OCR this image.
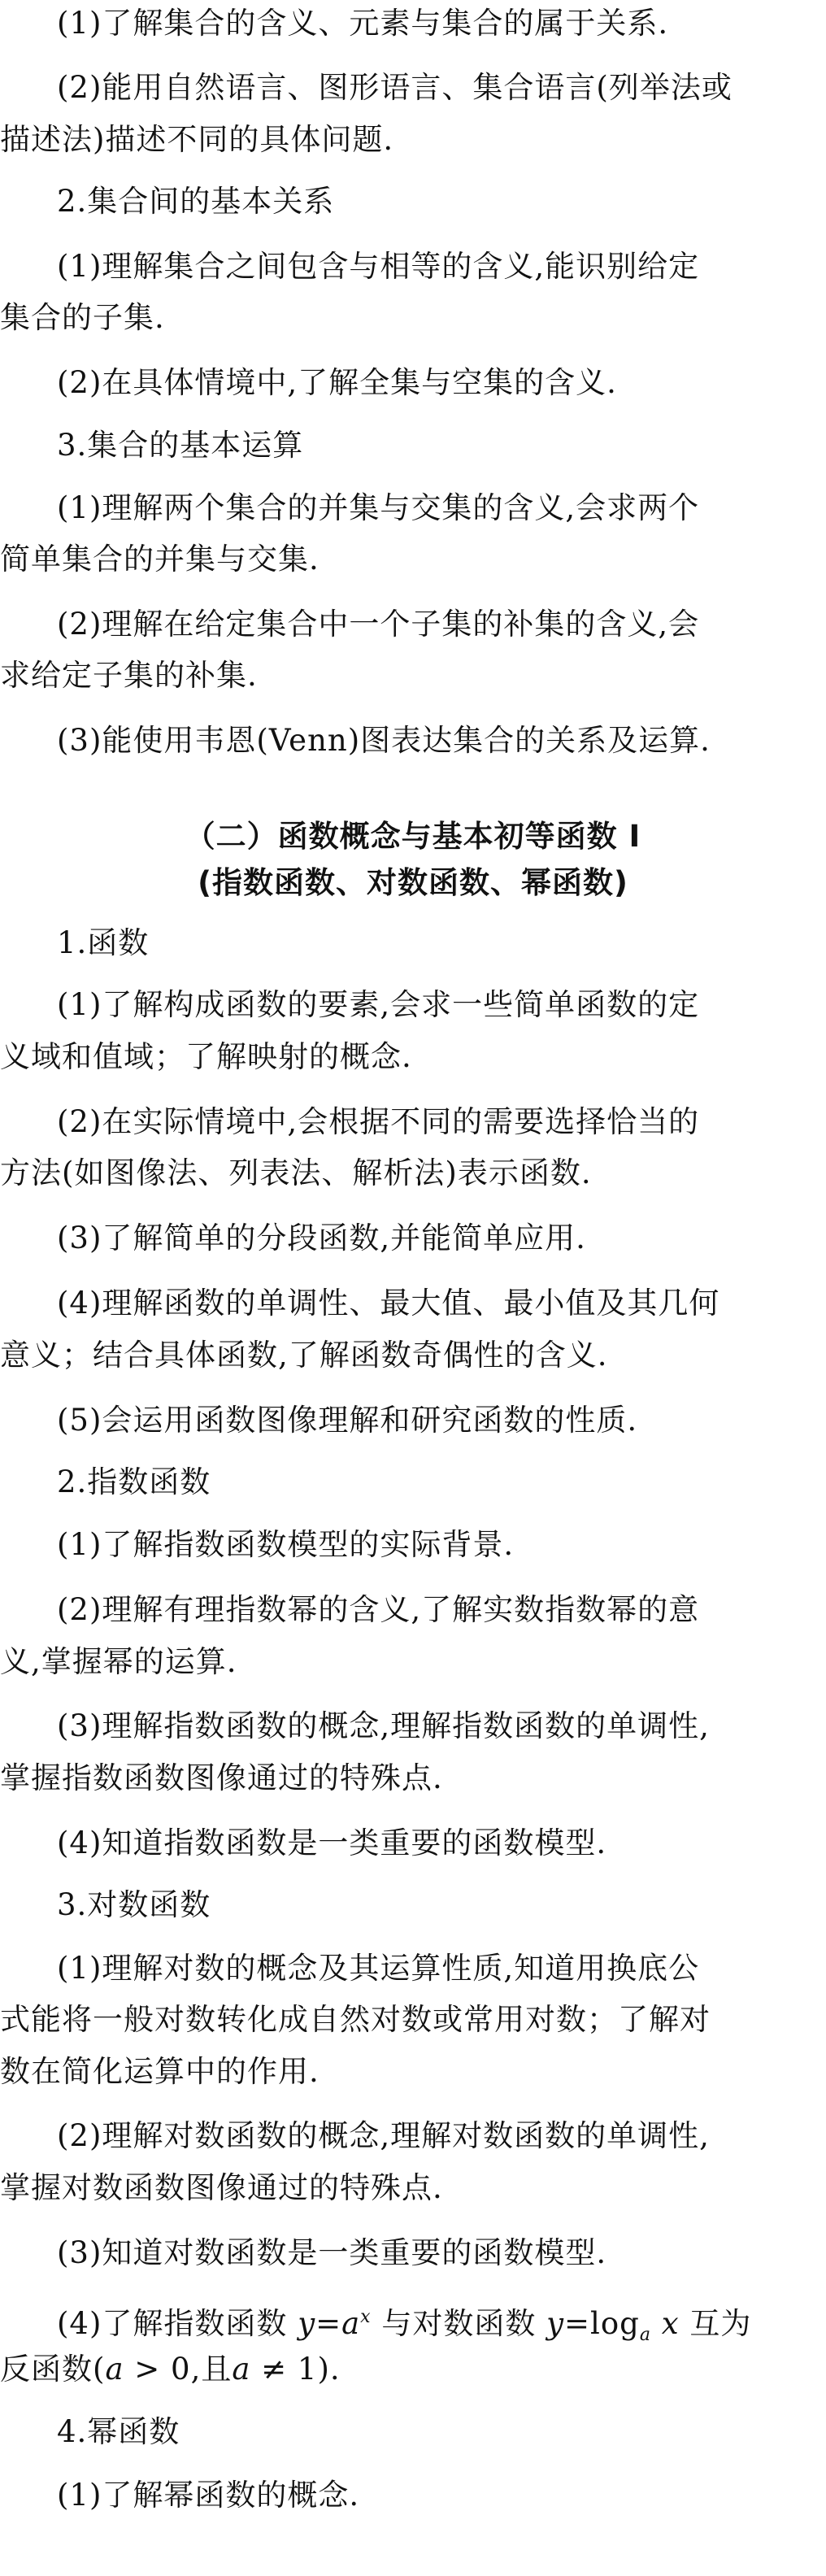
(1)了解集合的含义、元素与集合的属于关系.
(2)能用自然语言、图形语言、集合语言(列举法或
描述法)描述不同的具体问题.
2.集合间的基本关系
(1)理解集合之间包含与相等的含义,能识别给定
集合的子集.
(2)在具体情境中,了解全集与空集的含义.
3.集合的基本运算
(1)理解两个集合的并集与交集的含义,会求两个
简单集合的并集与交集.
(2)理解在给定集合中一个子集的补集的含义,会
求给定子集的补集.
(3)能使用韦恩(Venn)图表达集合的关系及运算.
（二）函数概念与基本初等函数 I
(指数函数、对数函数、幂函数)
1.函数
(1)了解构成函数的要素,会求一些简单函数的定
义域和值域；了解映射的概念.
(2)在实际情境中,会根据不同的需要选择恰当的
方法(如图像法、列表法、解析法)表示函数.
(3)了解简单的分段函数,并能简单应用.
(4)理解函数的单调性、最大值、最小值及其几何
意义；结合具体函数,了解函数奇偶性的含义.
(5)会运用函数图像理解和研究函数的性质.
2.指数函数
(1)了解指数函数模型的实际背景.
(2)理解有理指数幂的含义,了解实数指数幂的意
义,掌握幂的运算.
(3)理解指数函数的概念,理解指数函数的单调性,
掌握指数函数图像通过的特殊点.
(4)知道指数函数是一类重要的函数模型.
3.对数函数
(1)理解对数的概念及其运算性质,知道用换底公
式能将一般对数转化成自然对数或常用对数；了解对
数在简化运算中的作用.
(2)理解对数函数的概念,理解对数函数的单调性,
掌握对数函数图像通过的特殊点.
(3)知道对数函数是一类重要的函数模型.
(4)了解指数函数 $y=a^x$ 与对数函数 $y=\log_a$ x 互为
反函数(a > 0,且a ≠ 1).
4.幂函数
(1)了解幂函数的概念.
